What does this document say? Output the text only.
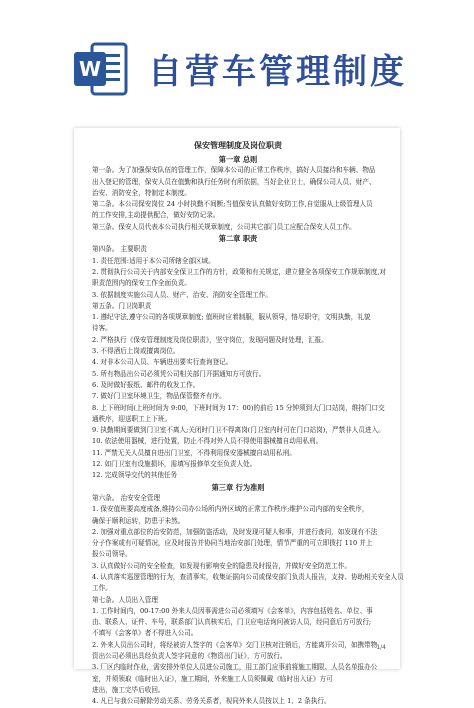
W 自营车管理制度

保安管理制度及岗位职责

第一章 总则

第一条。为了加强保安队伍的管理工作，保障本公司的正常工作秩序，搞好人员接待和车辆、物品

出入登记的管理，保安人员在值勤和执行任务时有所依据，当好企业卫士，确保公司人员、财产、

治安、消防安全，特制定本制度。

第二条。本公司保安岗位 24 小时执勤不间断;当值保安认真做好安防工作,自觉服从上级管理人员

的工作安排,主动提供配合，做好安防记录。

第三条。保安人员代表本公司执行相关规章制度，公司其它部门员工应配合保安人员工作。

第二章 职责

第四条。 主要职责

1. 责任范围:适用于本公司所辖全部区域。

2. 贯彻执行公司关于内部安全保卫工作的方针，政策和有关规定，建立健全各项保安工作规章制度,对

职责范围内的保安工作全面负责。

3. 依据制度实施公司人员、财产、治安、消防安全管理工作。

第五条。门卫岗职责

1. 遵纪守法,遵守公司的各项规章制度; 值班时应着制服，服从领导，恪尽职守，文明执勤，礼貌

待客。

2. 严格执行《保安管理制度及岗位职责》，坚守岗位，发现问题及时处理，汇报。

3. 不得酒后上岗或擅离岗位。

4. 对非本公司人员、车辆进出要实行查询登记。

5. 所有物品出公司必须凭公司相关部门开据通知方可放行。

6. 及时做好报纸、邮件的收发工作。

7. 做好门卫室环境卫生，物品保管整齐有序。

8. 上下班时间(上班时间为 9:00，下班时间为 17：00)的前后 15 分钟须到大门口站岗，维持门口交

通秩序，迎送职工上下班。

9. 执勤期间要做到门卫室不离人;关闭时门卫不得离岗(门卫室内时可在门口站岗)，严禁非人员进入。

10. 依法使用器械，进行处置，防止不得对外人员不得使用器械擅自动用私刑。

11. 严禁无关人员擅自进出门卫室，不得利用保安器械擅自动用私刑。

12. 如门卫室有设施损坏，需填写报修单交至负责人处。

12. 完成领导交代的其他任务

第三章 行为准则

第六条。 治安安全管理

1. 保安值班要高度戒备,维持公司办公场所内外区域的正常工作秩序;维护公司内部的安全秩序，

确保于顺利运转，防患于未然。

2. 加强对重点部位的治安防范，加强防盗活动，及时发现可疑人和事，并进行查问，如发现有不法

分子作案或有可疑情况，应及时报告并协同当地治安部门处理，情节严重的可立即拨打 110 并上

报公司领导。

3. 认真做好公司的安全检查，如发现有影响安全的隐患及时报告，并做好安全防范工作。

4. 认真落实巡逻管理的行为，查清事实，收集证据向公司或保安部门负责人报告，支持、协助相关安全人员

工作。

第七条。人员出入管理

1. 工作时间内，00-17:00 外来人员因事需进公司必须填写《会客单》，内容包括姓名、单位、事

由、联系人、证件、车号，联系部门认真核实后，门卫应电话询问被访人员，经同意后方可放行;

不填写《会客单》者不得进入公司。

2. 外来人员出公司时，将经被访人签字的《会客单》交门卫核对注销后，方能离开公司，如携带物

资出公司必须出具经负责人签字同意的《物资出门证》，方可放行。

3. 厂区内临时作业，需安排外单位人员进公司施工，用工部门应事前将施工期限、人员名单报办公

室，并须领取《临时出入证》，施工期间，外来施工人员须佩戴《临时出入证》方可

进出，施工完毕后收回。

4. 凡已与我公司解除劳动关系、劳务关系者，视同外来人员按以上 1、2 条执行。

1/4
